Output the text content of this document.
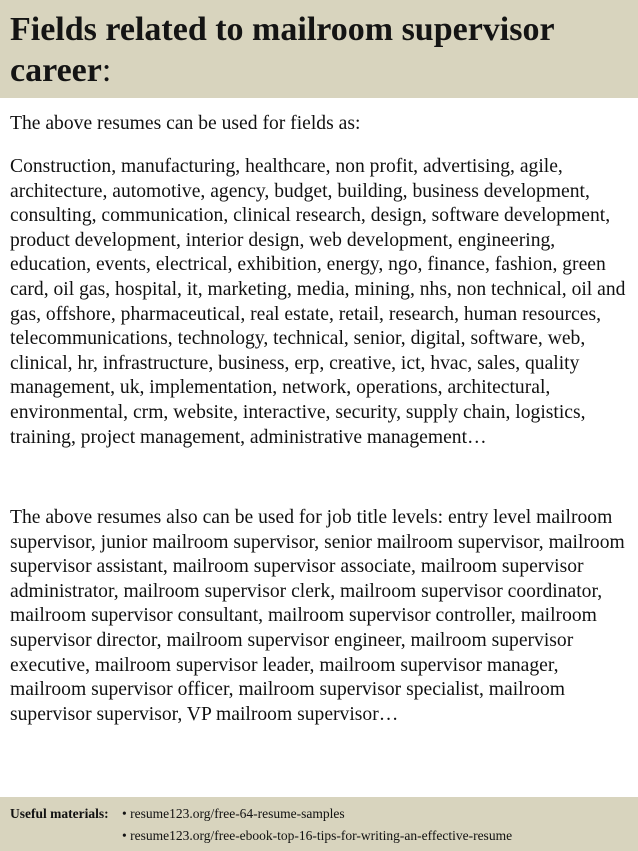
Fields related to mailroom supervisor career:
The above resumes can be used for fields as:
Construction, manufacturing, healthcare, non profit, advertising, agile, architecture, automotive, agency, budget, building, business development, consulting, communication, clinical research, design, software development, product development, interior design, web development, engineering, education, events, electrical, exhibition, energy, ngo, finance, fashion, green card, oil gas, hospital, it, marketing, media, mining, nhs, non technical, oil and gas, offshore, pharmaceutical, real estate, retail, research, human resources, telecommunications, technology, technical, senior, digital, software, web, clinical, hr, infrastructure, business, erp, creative, ict, hvac, sales, quality management, uk, implementation, network, operations, architectural, environmental, crm, website, interactive, security, supply chain, logistics, training, project management, administrative management…
The above resumes also can be used for job title levels: entry level mailroom supervisor, junior mailroom supervisor, senior mailroom supervisor, mailroom supervisor assistant, mailroom supervisor associate, mailroom supervisor administrator, mailroom supervisor clerk, mailroom supervisor coordinator, mailroom supervisor consultant, mailroom supervisor controller, mailroom supervisor director, mailroom supervisor engineer, mailroom supervisor executive, mailroom supervisor leader, mailroom supervisor manager, mailroom supervisor officer, mailroom supervisor specialist, mailroom supervisor supervisor, VP mailroom supervisor…
Useful materials: • resume123.org/free-64-resume-samples
• resume123.org/free-ebook-top-16-tips-for-writing-an-effective-resume
